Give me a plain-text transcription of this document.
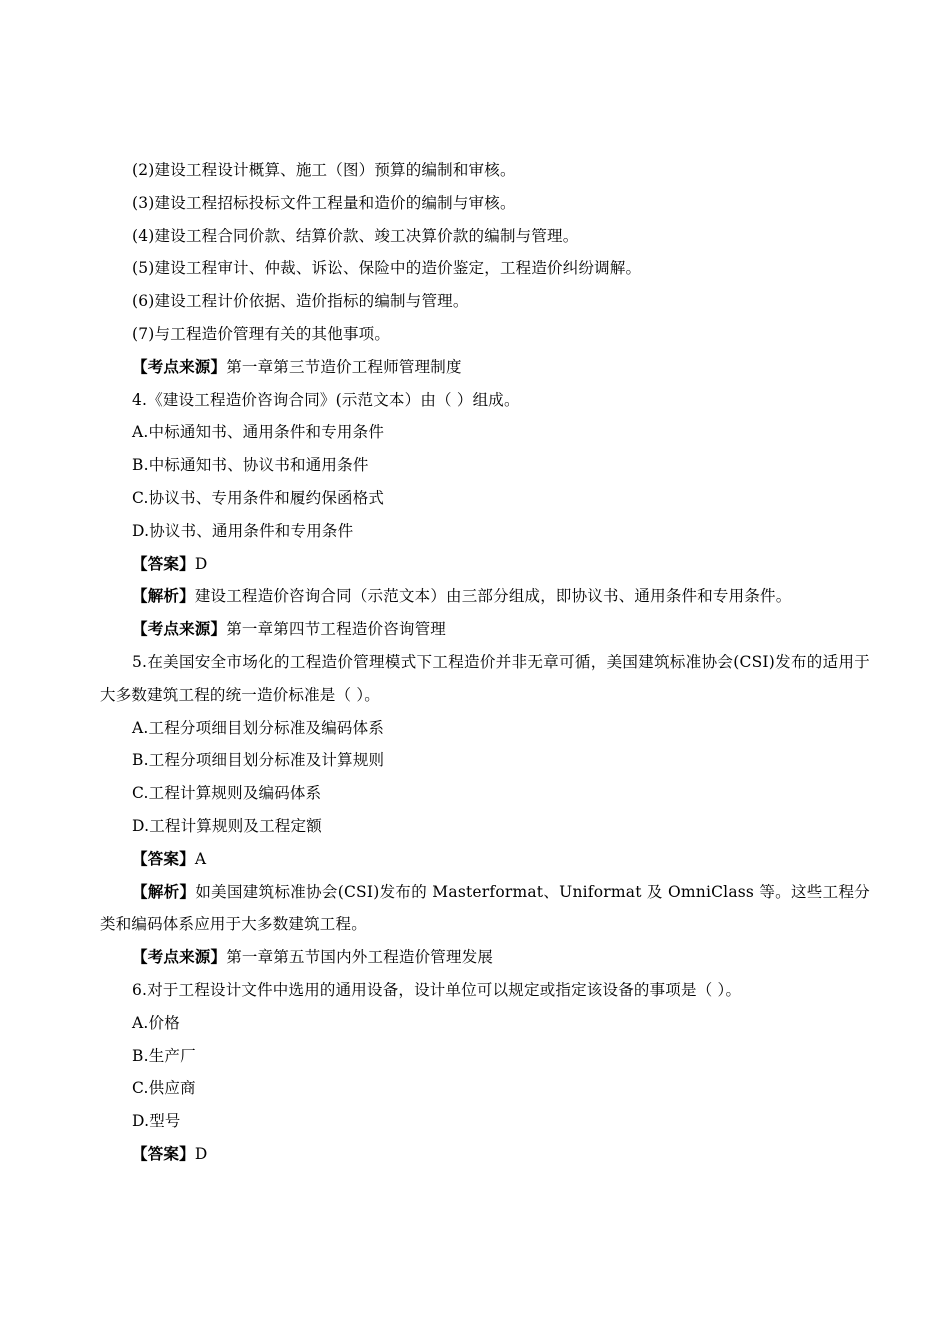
(2)建设工程设计概算、施工（图）预算的编制和审核。
(3)建设工程招标投标文件工程量和造价的编制与审核。
(4)建设工程合同价款、结算价款、竣工决算价款的编制与管理。
(5)建设工程审计、仲裁、诉讼、保险中的造价鉴定，工程造价纠纷调解。
(6)建设工程计价依据、造价指标的编制与管理。
(7)与工程造价管理有关的其他事项。
【考点来源】第一章第三节造价工程师管理制度
4.《建设工程造价咨询合同》(示范文本）由（ ）组成。
A.中标通知书、通用条件和专用条件
B.中标通知书、协议书和通用条件
C.协议书、专用条件和履约保函格式
D.协议书、通用条件和专用条件
【答案】D
【解析】建设工程造价咨询合同（示范文本）由三部分组成，即协议书、通用条件和专用条件。
【考点来源】第一章第四节工程造价咨询管理
5.在美国安全市场化的工程造价管理模式下工程造价并非无章可循，美国建筑标准协会(CSI)发布的适用于大多数建筑工程的统一造价标准是（ ）。
A.工程分项细目划分标准及编码体系
B.工程分项细目划分标准及计算规则
C.工程计算规则及编码体系
D.工程计算规则及工程定额
【答案】A
【解析】如美国建筑标准协会(CSI)发布的 Masterformat、Uniformat 及 OmniClass 等。这些工程分类和编码体系应用于大多数建筑工程。
【考点来源】第一章第五节国内外工程造价管理发展
6.对于工程设计文件中选用的通用设备，设计单位可以规定或指定该设备的事项是（ ）。
A.价格
B.生产厂
C.供应商
D.型号
【答案】D
